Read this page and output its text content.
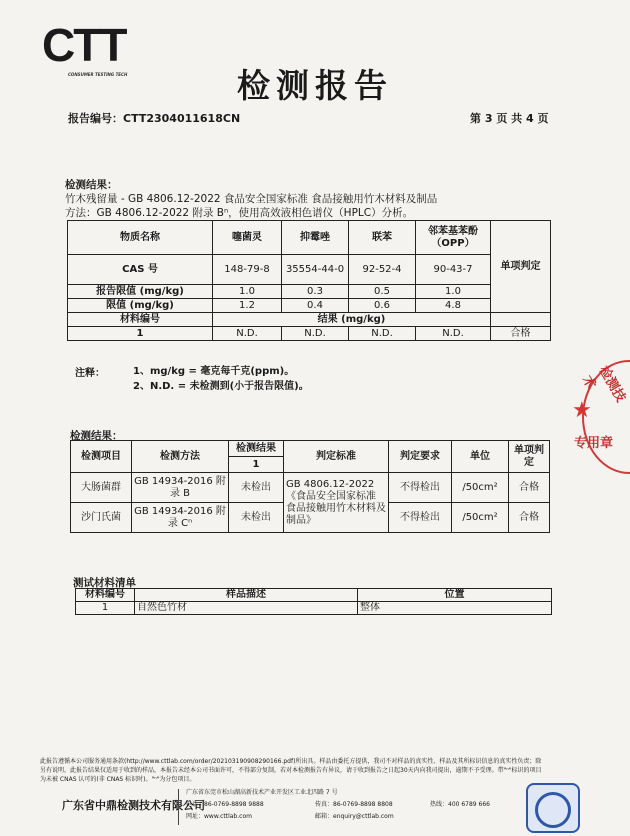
CTT
CONSUMER TESTING TECH	检测报告
报告编号：CTT2304011618CN	第 3 页 共 4 页
检测结果：
竹木残留量 - GB 4806.12-2022 食品安全国家标准 食品接触用竹木材料及制品
方法：GB 4806.12-2022 附录 Bⁿ，使用高效液相色谱仪（HPLC）分析。
物质名称	噻菌灵	抑霉唑	联苯	邻苯基苯酚（OPP）	单项判定
CAS 号	148-79-8	35554-44-0	92-52-4	90-43-7	
报告限值 (mg/kg)	1.0	0.3	0.5	1.0	
限值 (mg/kg)	1.2	0.4	0.6	4.8	
材料编号	结果 (mg/kg)				
1	N.D.	N.D.	N.D.	N.D.	合格
注释：	1、mg/kg = 毫克每千克(ppm)。
2、N.D. = 未检测到(小于报告限值)。
检测结果：
检测项目	检测方法	检测结果	判定标准	判定要求	单位	单项判定
		1				
大肠菌群	GB 14934-2016 附录 B	未检出	GB 4806.12-2022《食品安全国家标准 食品接触用竹木材料及制品》	不得检出	/50cm²	合格
沙门氏菌	GB 14934-2016 附录 Cⁿ	未检出		不得检出	/50cm²	合格
测试材料清单
材料编号	样品描述	位置
1	自然色竹材	整体
检测技术
★
专用章
此报告遵循本公司服务通用条款(http://www.cttlab.com/order/20210319090829016​6.pdf)所出具。样品由委托方提供，我司不对样品的真实性、样品及其所标识信息的真实性负责；除
另有说明，此报告结果仅适用于收到的样品，本报告未经本公司书面许可，不得部分复制，若对本检测报告有异议，请于收到报告之日起30天内向我司提出，逾期不予受理。带"ⁿ"标识的项目
为未被 CNAS 认可的(非 CNAS 标识时)。"ⁿ"为分包项目。
广东省中鼎检测技术有限公司
广东省东莞市松山湖高新技术产业开发区工业北四路 7 号
电话：86-0769-8898 9888	传真：86-0769-8898 8808	热线：400 6789 666
网址：www.cttlab.com	邮箱：enquiry@cttlab.com
